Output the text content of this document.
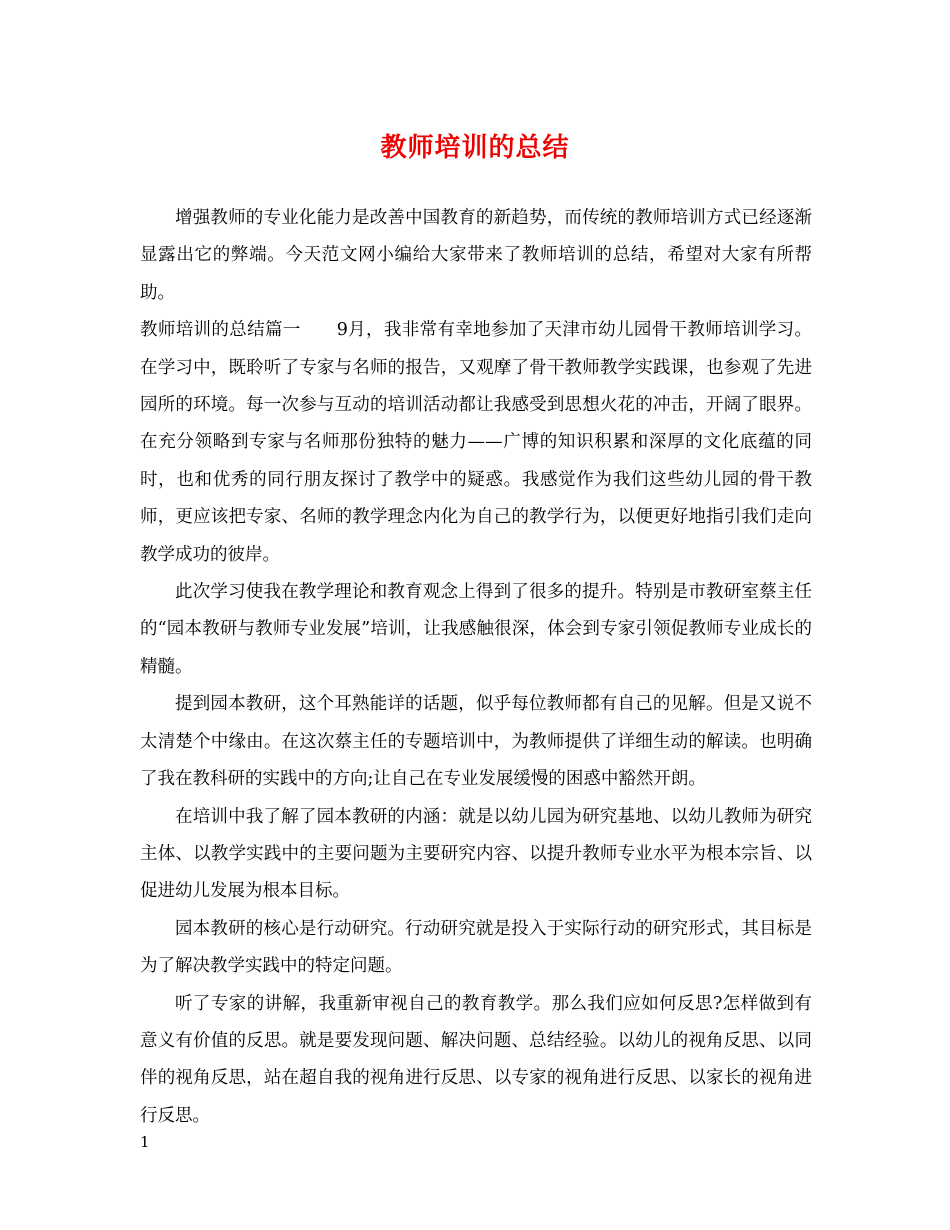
教师培训的总结

增强教师的专业化能力是改善中国教育的新趋势，而传统的教师培训方式已经逐渐显露出它的弊端。今天范文网小编给大家带来了教师培训的总结，希望对大家有所帮助。

教师培训的总结篇一 9月，我非常有幸地参加了天津市幼儿园骨干教师培训学习。在学习中，既聆听了专家与名师的报告，又观摩了骨干教师教学实践课，也参观了先进园所的环境。每一次参与互动的培训活动都让我感受到思想火花的冲击，开阔了眼界。在充分领略到专家与名师那份独特的魅力——广博的知识积累和深厚的文化底蕴的同时，也和优秀的同行朋友探讨了教学中的疑惑。我感觉作为我们这些幼儿园的骨干教师，更应该把专家、名师的教学理念内化为自己的教学行为，以便更好地指引我们走向教学成功的彼岸。

此次学习使我在教学理论和教育观念上得到了很多的提升。特别是市教研室蔡主任的“园本教研与教师专业发展”培训，让我感触很深，体会到专家引领促教师专业成长的精髓。

提到园本教研，这个耳熟能详的话题，似乎每位教师都有自己的见解。但是又说不太清楚个中缘由。在这次蔡主任的专题培训中，为教师提供了详细生动的解读。也明确了我在教科研的实践中的方向;让自己在专业发展缓慢的困惑中豁然开朗。

在培训中我了解了园本教研的内涵：就是以幼儿园为研究基地、以幼儿教师为研究主体、以教学实践中的主要问题为主要研究内容、以提升教师专业水平为根本宗旨、以促进幼儿发展为根本目标。

园本教研的核心是行动研究。行动研究就是投入于实际行动的研究形式，其目标是为了解决教学实践中的特定问题。

听了专家的讲解，我重新审视自己的教育教学。那么我们应如何反思?怎样做到有意义有价值的反思。就是要发现问题、解决问题、总结经验。以幼儿的视角反思、以同伴的视角反思，站在超自我的视角进行反思、以专家的视角进行反思、以家长的视角进行反思。

1
